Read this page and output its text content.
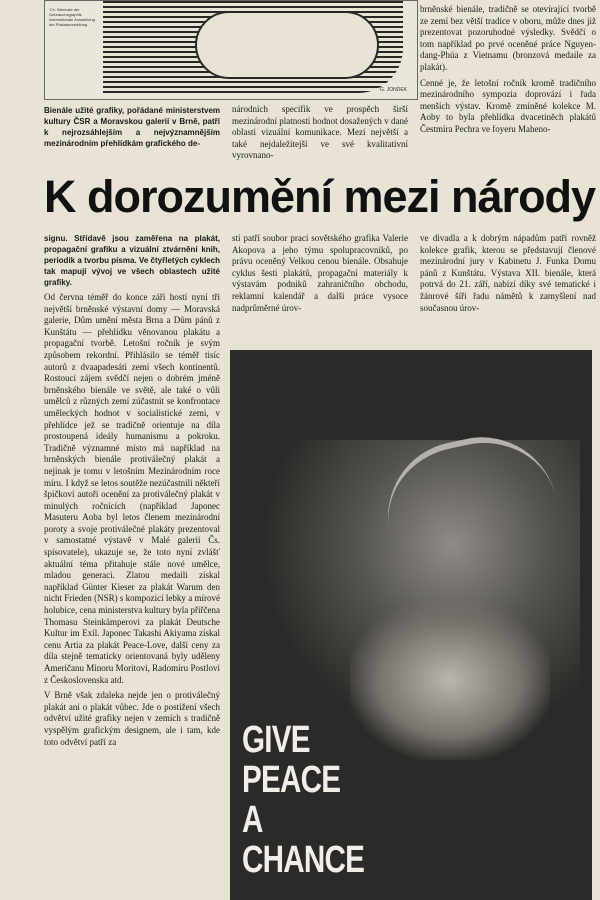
'Ch. Biennale der Gebrauchsgraphik Internationale Ausstellung der Plakatausstellung
G. JONDEK
Bienále užité grafiky, pořádané ministerstvem kultury ČSR a Moravskou galerií v Brně, patří k nejrozsáhlejším a nejvýznamnějším mezinárodním přehlídkám grafického de-
národních specifik ve prospěch širší mezinárodní platnosti hodnot dosažených v dané oblasti vizuální komunikace. Mezi největší a také nejdaležitejší ve své kvalitativní vyrovnano-

brněnské bienále, tradičně se otevírající tvorbě ze zemí bez větší tradice v oboru, může dnes již prezentovat pozoruhodné výsledky. Svědčí o tom například po prvé oceněné práce Nguyen-dang-Phúa z Vietnamu (bronzová medaile za plakát).

Cenné je, že letošní ročník kromě tradičního mezinárodního sympozia doprovází i řada menších výstav. Kromě zmíněné kolekce M. Aoby to byla přehlídka dvacetiněch plakátů Čestmíra Pechra ve foyeru Maheno-

K dorozumění mezi národy

signu. Střídavě jsou zaměřena na plakát, propagační grafiku a vizuální ztvárnění knih, periodik a tvorbu písma. Ve čtyřletých cyklech tak mapují vývoj ve všech oblastech užité grafiky.

Od června téměř do konce září hostí nyní tři největší brněnské výstavní domy — Moravská galerie, Dům umění města Brna a Dům pánů z Kunštátu — přehlídku věnovanou plakátu a propagační tvorbě. Letošní ročník je svým způsobem rekordní. Přihlásilo se téměř tisíc autorů z dvaapadesáti zemí všech kontinentů. Rostoucí zájem svědčí nejen o dobrém jméně brněnského bienále ve světě, ale také o vůli umělců z různých zemí zúčastnit se konfrontace uměleckých hodnot v socialistické zemi, v přehlídce jež se tradičně orientuje na díla prostoupená ideály humanismu a pokroku. Tradičně významné místo má například na brněnských bienále protiválečný plakát a nejinak je tomu v letošním Mezinárodním roce míru. I když se letos soutěže nezúčastnili někteří špičkoví autoři ocenění za protiválečný plakát v minulých ročnících (například Japonec Masuteru Aoba byl letos členem mezinárodní poroty a svoje protiválečné plakáty prezentoval v samostatné výstavě v Malé galerii Čs. spisovatele), ukazuje se, že toto nyní zvlášť aktuální téma přitahuje stále nové umělce, mladou generaci. Zlatou medaili získal například Günter Kieser za plakát Warum den nicht Frieden (NSR) s kompozicí lebky a mírové holubice, cena ministerstva kultury byla přiřčena Thomasu Steinkämperovi za plakát Deutsche Kultur im Exil. Japonec Takashi Akiyama získal cenu Artia za plakát Peace-Love, další ceny za díla stejně tematicky orientovaná byly uděleny Američanu Minoru Moritovi, Radomíru Postlovi z Československa atd.

V Brně však zdaleka nejde jen o protiválečný plakát ani o plakát vůbec. Jde o postižení všech odvětví užité grafiky nejen v zemích s tradičně vyspělým grafickým designem, ale i tam, kde toto odvětví patří za

sti patří soubor prací sovětského grafika Valerie Akopova a jeho týmu spolupracovníků, po právu oceněný Velkou cenou bienále. Obsahuje cyklus šesti plakátů, propagační materiály k výstavám podniků zahraničního obchodu, reklamní kalendář a další práce vysoce nadprůměrné úrov-
ve divadla a k dobrým nápadům patří rovněž kolekce grafik, kterou se představují členové mezinárodní jury v Kabinetu J. Funka Domu pánů z Kunštátu. Výstava XII. bienále, která potrvá do 21. září, nabízí díky své tematické i žánrové šíři řadu námětů k zamyšlení nad současnou úrov-
GIVE
PEACE
A
CHANCE
